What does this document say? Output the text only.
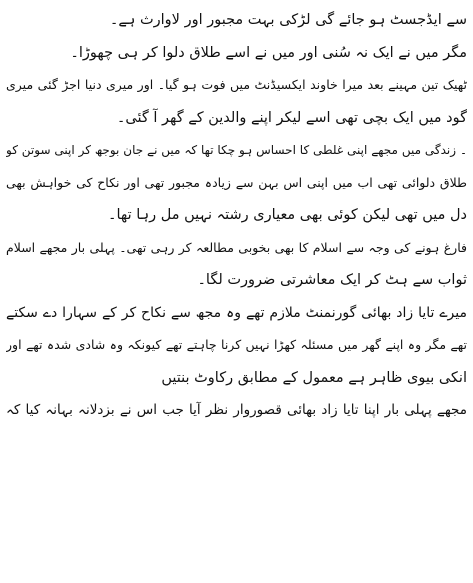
سے ایڈجسٹ ہو جائے گی لڑکی بہت مجبور اور لاوارث ہے۔
مگر میں نے ایک نہ سُنی اور میں نے اسے طلاق دلوا کر ہی چھوڑا۔
ٹھیک تین مہینے بعد میرا خاوند ایکسیڈنٹ میں فوت ہو گیا۔ اور میری دنیا اجڑ گئی میری
گود میں ایک بچی تھی اسے لیکر اپنے والدین کے گھر آ گئی۔
۔ زندگی میں مجھے اپنی غلطی کا احساس ہو چکا تھا کہ میں نے جان بوجھ کر اپنی سوتن کو
طلاق دلوائی تھی اب میں اپنی اس بہن سے زیادہ مجبور تھی اور نکاح کی خواہش بھی
دل میں تھی لیکن کوئی بھی معیاری رشتہ نہیں مل رہا تھا۔
فارغ ہونے کی وجہ سے اسلام کا بھی بخوبی مطالعہ کر رہی تھی۔ پہلی بار مجھے اسلام
ثواب سے ہٹ کر ایک معاشرتی ضرورت لگا۔
میرے تایا زاد بھائی گورنمنٹ ملازم تھے وہ مجھ سے نکاح کر کے سہارا دے سکتے
تھے مگر وہ اپنے گھر میں مسئلہ کھڑا نہیں کرنا چاہتے تھے کیونکہ وہ شادی شدہ تھے اور
انکی بیوی ظاہر ہے معمول کے مطابق رکاوٹ بنتیں
مجھے پہلی بار اپنا تایا زاد بھائی قصوروار نظر آیا جب اس نے بزدلانہ بہانہ کیا کہ
